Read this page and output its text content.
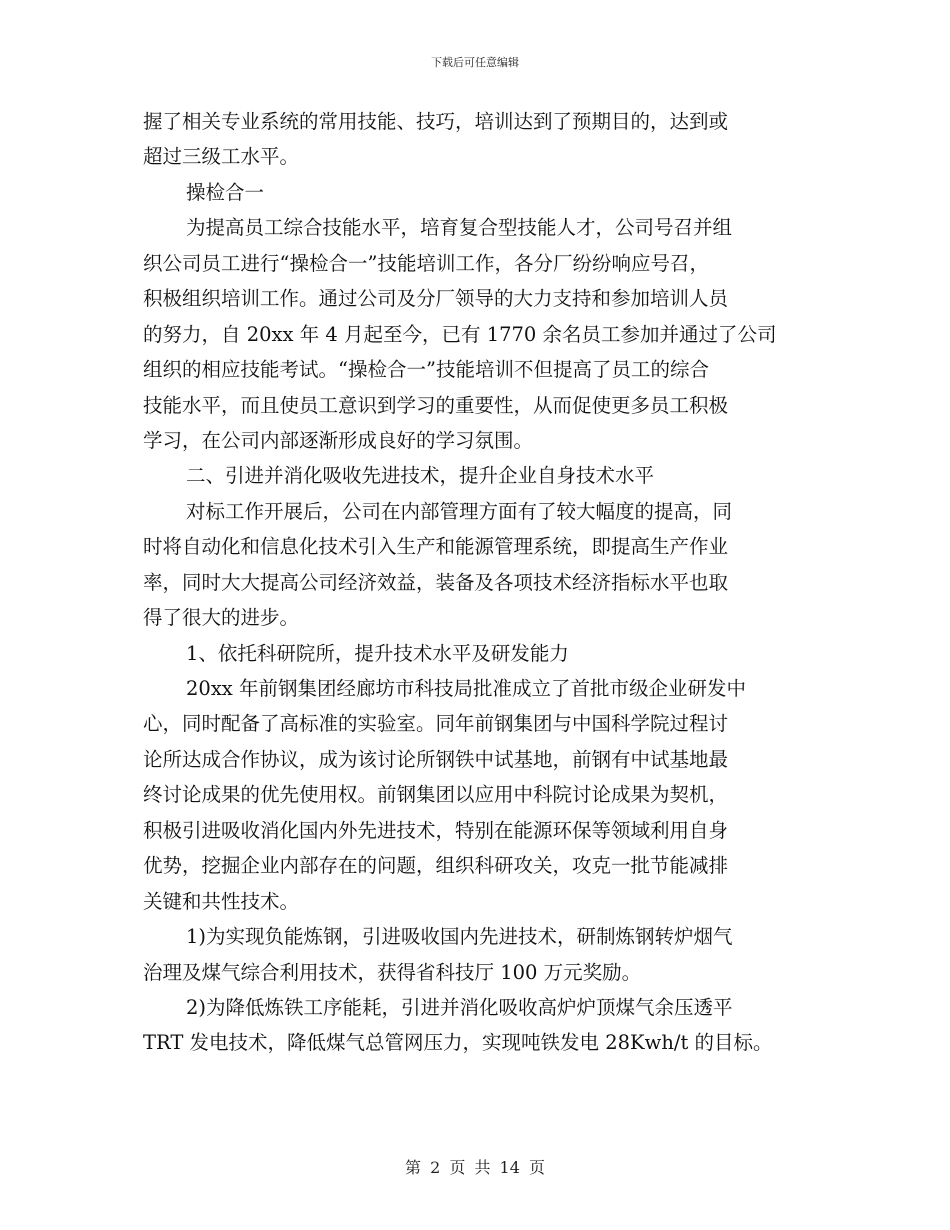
下载后可任意编辑
握了相关专业系统的常用技能、技巧，培训达到了预期目的，达到或
超过三级工水平。
操检合一
为提高员工综合技能水平，培育复合型技能人才，公司号召并组
织公司员工进行“操检合一”技能培训工作，各分厂纷纷响应号召，
积极组织培训工作。通过公司及分厂领导的大力支持和参加培训人员
的努力，自 20xx 年 4 月起至今，已有 1770 余名员工参加并通过了公司
组织的相应技能考试。“操检合一”技能培训不但提高了员工的综合
技能水平，而且使员工意识到学习的重要性，从而促使更多员工积极
学习，在公司内部逐渐形成良好的学习氛围。
二、引进并消化吸收先进技术，提升企业自身技术水平
对标工作开展后，公司在内部管理方面有了较大幅度的提高，同
时将自动化和信息化技术引入生产和能源管理系统，即提高生产作业
率，同时大大提高公司经济效益，装备及各项技术经济指标水平也取
得了很大的进步。
1、依托科研院所，提升技术水平及研发能力
20xx 年前钢集团经廊坊市科技局批准成立了首批市级企业研发中
心，同时配备了高标准的实验室。同年前钢集团与中国科学院过程讨
论所达成合作协议，成为该讨论所钢铁中试基地，前钢有中试基地最
终讨论成果的优先使用权。前钢集团以应用中科院讨论成果为契机，
积极引进吸收消化国内外先进技术，特别在能源环保等领域利用自身
优势，挖掘企业内部存在的问题，组织科研攻关，攻克一批节能减排
关键和共性技术。
1)为实现负能炼钢，引进吸收国内先进技术，研制炼钢转炉烟气
治理及煤气综合利用技术，获得省科技厅 100 万元奖励。
2)为降低炼铁工序能耗，引进并消化吸收高炉炉顶煤气余压透平
TRT 发电技术，降低煤气总管网压力，实现吨铁发电 28Kwh/t 的目标。
第 2 页 共 14 页
